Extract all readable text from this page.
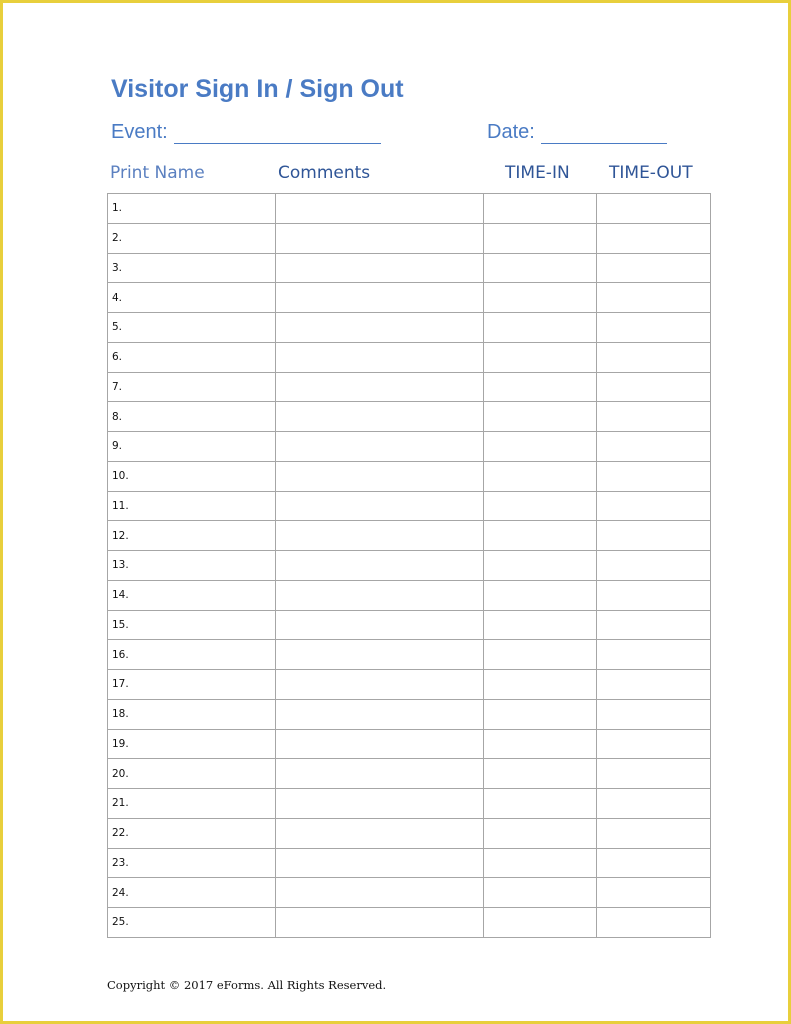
Visitor Sign In / Sign Out
Event:	Date:
Print Name	Comments	TIME-IN TIME-OUT
1.			
2.			
3.			
4.			
5.			
6.			
7.			
8.			
9.			
10.			
11.			
12.			
13.			
14.			
15.			
16.			
17.			
18.			
19.			
20.			
21.			
22.			
23.			
24.			
25.			
Copyright © 2017 eForms. All Rights Reserved.
